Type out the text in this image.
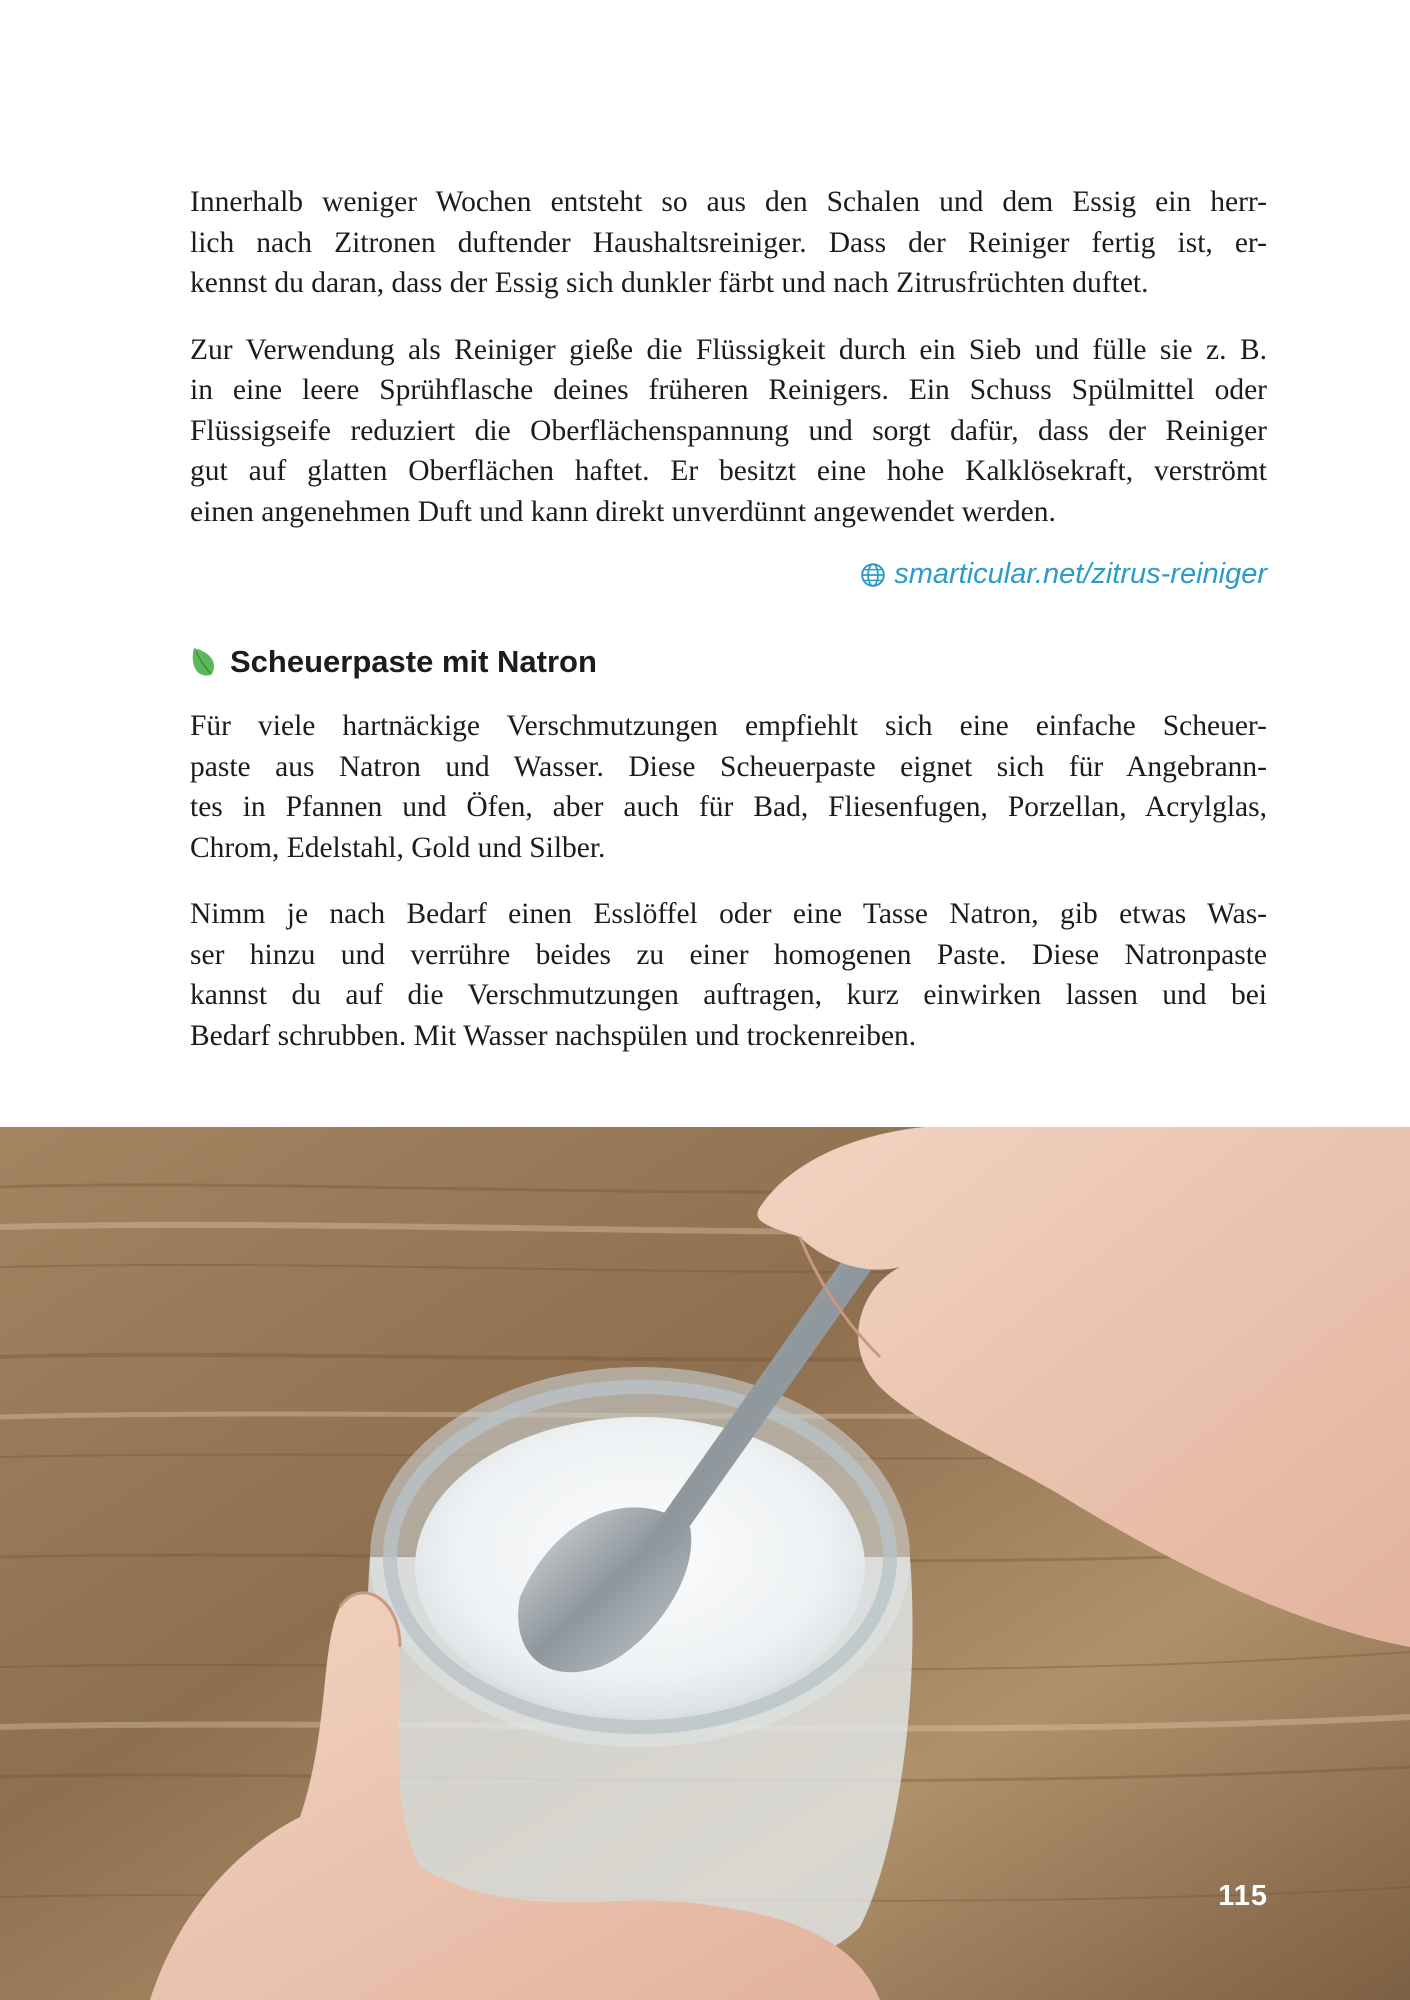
Innerhalb weniger Wochen entsteht so aus den Schalen und dem Essig ein herr-
lich nach Zitronen duftender Haushaltsreiniger. Dass der Reiniger fertig ist, er-
kennst du daran, dass der Essig sich dunkler färbt und nach Zitrusfrüchten duftet.

Zur Verwendung als Reiniger gieße die Flüssigkeit durch ein Sieb und fülle sie z. B.
in eine leere Sprühflasche deines früheren Reinigers. Ein Schuss Spülmittel oder
Flüssigseife reduziert die Oberflächenspannung und sorgt dafür, dass der Reiniger
gut auf glatten Oberflächen haftet. Er besitzt eine hohe Kalklösekraft, verströmt
einen angenehmen Duft und kann direkt unverdünnt angewendet werden.

smarticular.net/zitrus-reiniger
Scheuerpaste mit Natron

Für viele hartnäckige Verschmutzungen empfiehlt sich eine einfache Scheuer-
paste aus Natron und Wasser. Diese Scheuerpaste eignet sich für Angebrann-
tes in Pfannen und Öfen, aber auch für Bad, Fliesenfugen, Porzellan, Acrylglas,
Chrom, Edelstahl, Gold und Silber.

Nimm je nach Bedarf einen Esslöffel oder eine Tasse Natron, gib etwas Was-
ser hinzu und verrühre beides zu einer homogenen Paste. Diese Natronpaste
kannst du auf die Verschmutzungen auftragen, kurz einwirken lassen und bei
Bedarf schrubben. Mit Wasser nachspülen und trockenreiben.

115
